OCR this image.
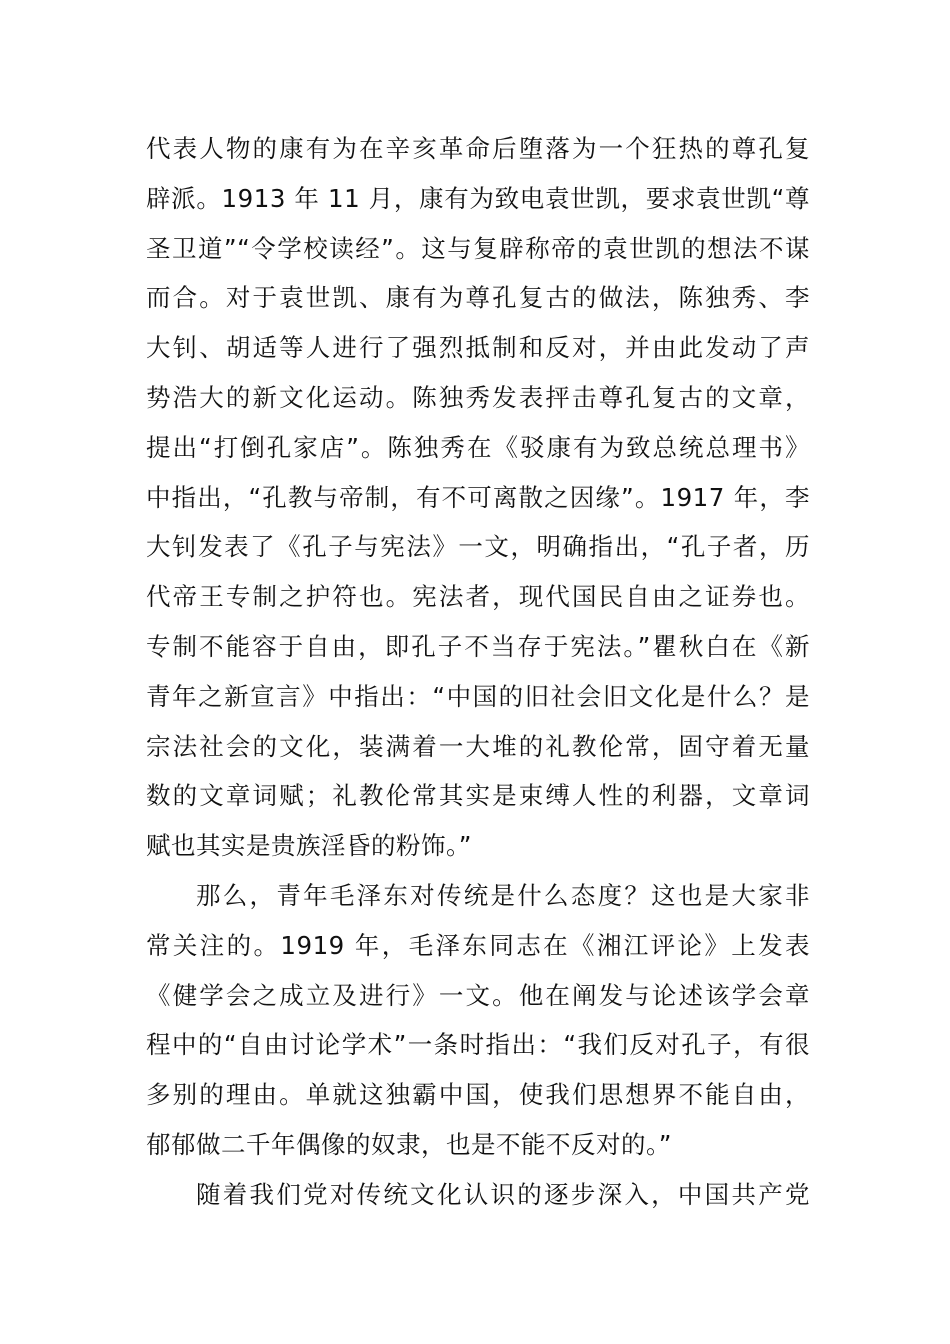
代表人物的康有为在辛亥革命后堕落为一个狂热的尊孔复
辟派。1913 年 11 月，康有为致电袁世凯，要求袁世凯“尊
圣卫道”“令学校读经”。这与复辟称帝的袁世凯的想法不谋
而合。对于袁世凯、康有为尊孔复古的做法，陈独秀、李
大钊、胡适等人进行了强烈抵制和反对，并由此发动了声
势浩大的新文化运动。陈独秀发表抨击尊孔复古的文章，
提出“打倒孔家店”。陈独秀在《驳康有为致总统总理书》
中指出，“孔教与帝制，有不可离散之因缘”。1917 年，李
大钊发表了《孔子与宪法》一文，明确指出，“孔子者，历
代帝王专制之护符也。宪法者，现代国民自由之证券也。
专制不能容于自由，即孔子不当存于宪法。”瞿秋白在《新
青年之新宣言》中指出：“中国的旧社会旧文化是什么？是
宗法社会的文化，装满着一大堆的礼教伦常，固守着无量
数的文章词赋；礼教伦常其实是束缚人性的利器，文章词
赋也其实是贵族淫昏的粉饰。”
那么，青年毛泽东对传统是什么态度？这也是大家非
常关注的。1919 年，毛泽东同志在《湘江评论》上发表
《健学会之成立及进行》一文。他在阐发与论述该学会章
程中的“自由讨论学术”一条时指出：“我们反对孔子，有很
多别的理由。单就这独霸中国，使我们思想界不能自由，
郁郁做二千年偶像的奴隶，也是不能不反对的。”
随着我们党对传统文化认识的逐步深入，中国共产党
